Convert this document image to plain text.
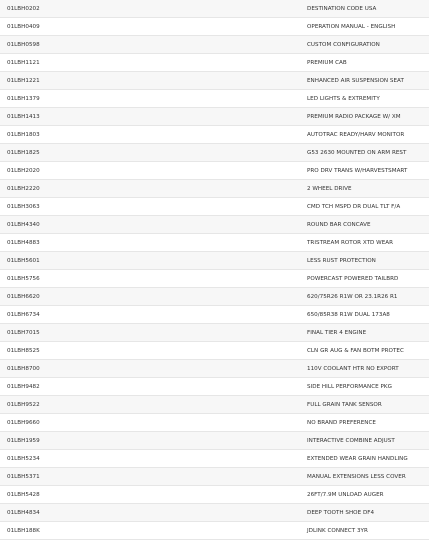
01LBH0202	DESTINATION CODE USA
01LBH0409	OPERATION MANUAL - ENGLISH
01LBH0598	CUSTOM CONFIGURATION
01LBH1121	PREMIUM CAB
01LBH1221	ENHANCED AIR SUSPENSION SEAT
01LBH1379	LED LIGHTS & EXTREMITY
01LBH1413	PREMIUM RADIO PACKAGE W/ XM
01LBH1803	AUTOTRAC READY/HARV MONITOR
01LBH1825	G53 2630 MOUNTED ON ARM REST
01LBH2020	PRO DRV TRANS W/HARVESTSMART
01LBH2220	2 WHEEL DRIVE
01LBH3063	CMD TCH MSPD DR DUAL TLT F/A
01LBH4340	ROUND BAR CONCAVE
01LBH4883	TRISTREAM ROTOR XTD WEAR
01LBH5601	LESS RUST PROTECTION
01LBH5756	POWERCAST POWERED TAILBRD
01LBH6620	620/75R26 R1W OR 23.1R26 R1
01LBH6734	650/85R38 R1W DUAL 173A8
01LBH7015	FINAL TIER 4 ENGINE
01LBH8525	CLN GR AUG & FAN BOTM PROTEC
01LBH8700	110V COOLANT HTR NO EXPORT
01LBH9482	SIDE HILL PERFORMANCE PKG
01LBH9522	FULL GRAIN TANK SENSOR
01LBH9660	NO BRAND PREFERENCE
01LBH1959	INTERACTIVE COMBINE ADJUST
01LBH5234	EXTENDED WEAR GRAIN HANDLING
01LBH5371	MANUAL EXTENSIONS LESS COVER
01LBH5428	26FT/7.9M UNLOAD AUGER
01LBH4834	DEEP TOOTH SHOE DF4
01LBH188K	JDLINK CONNECT 3YR
